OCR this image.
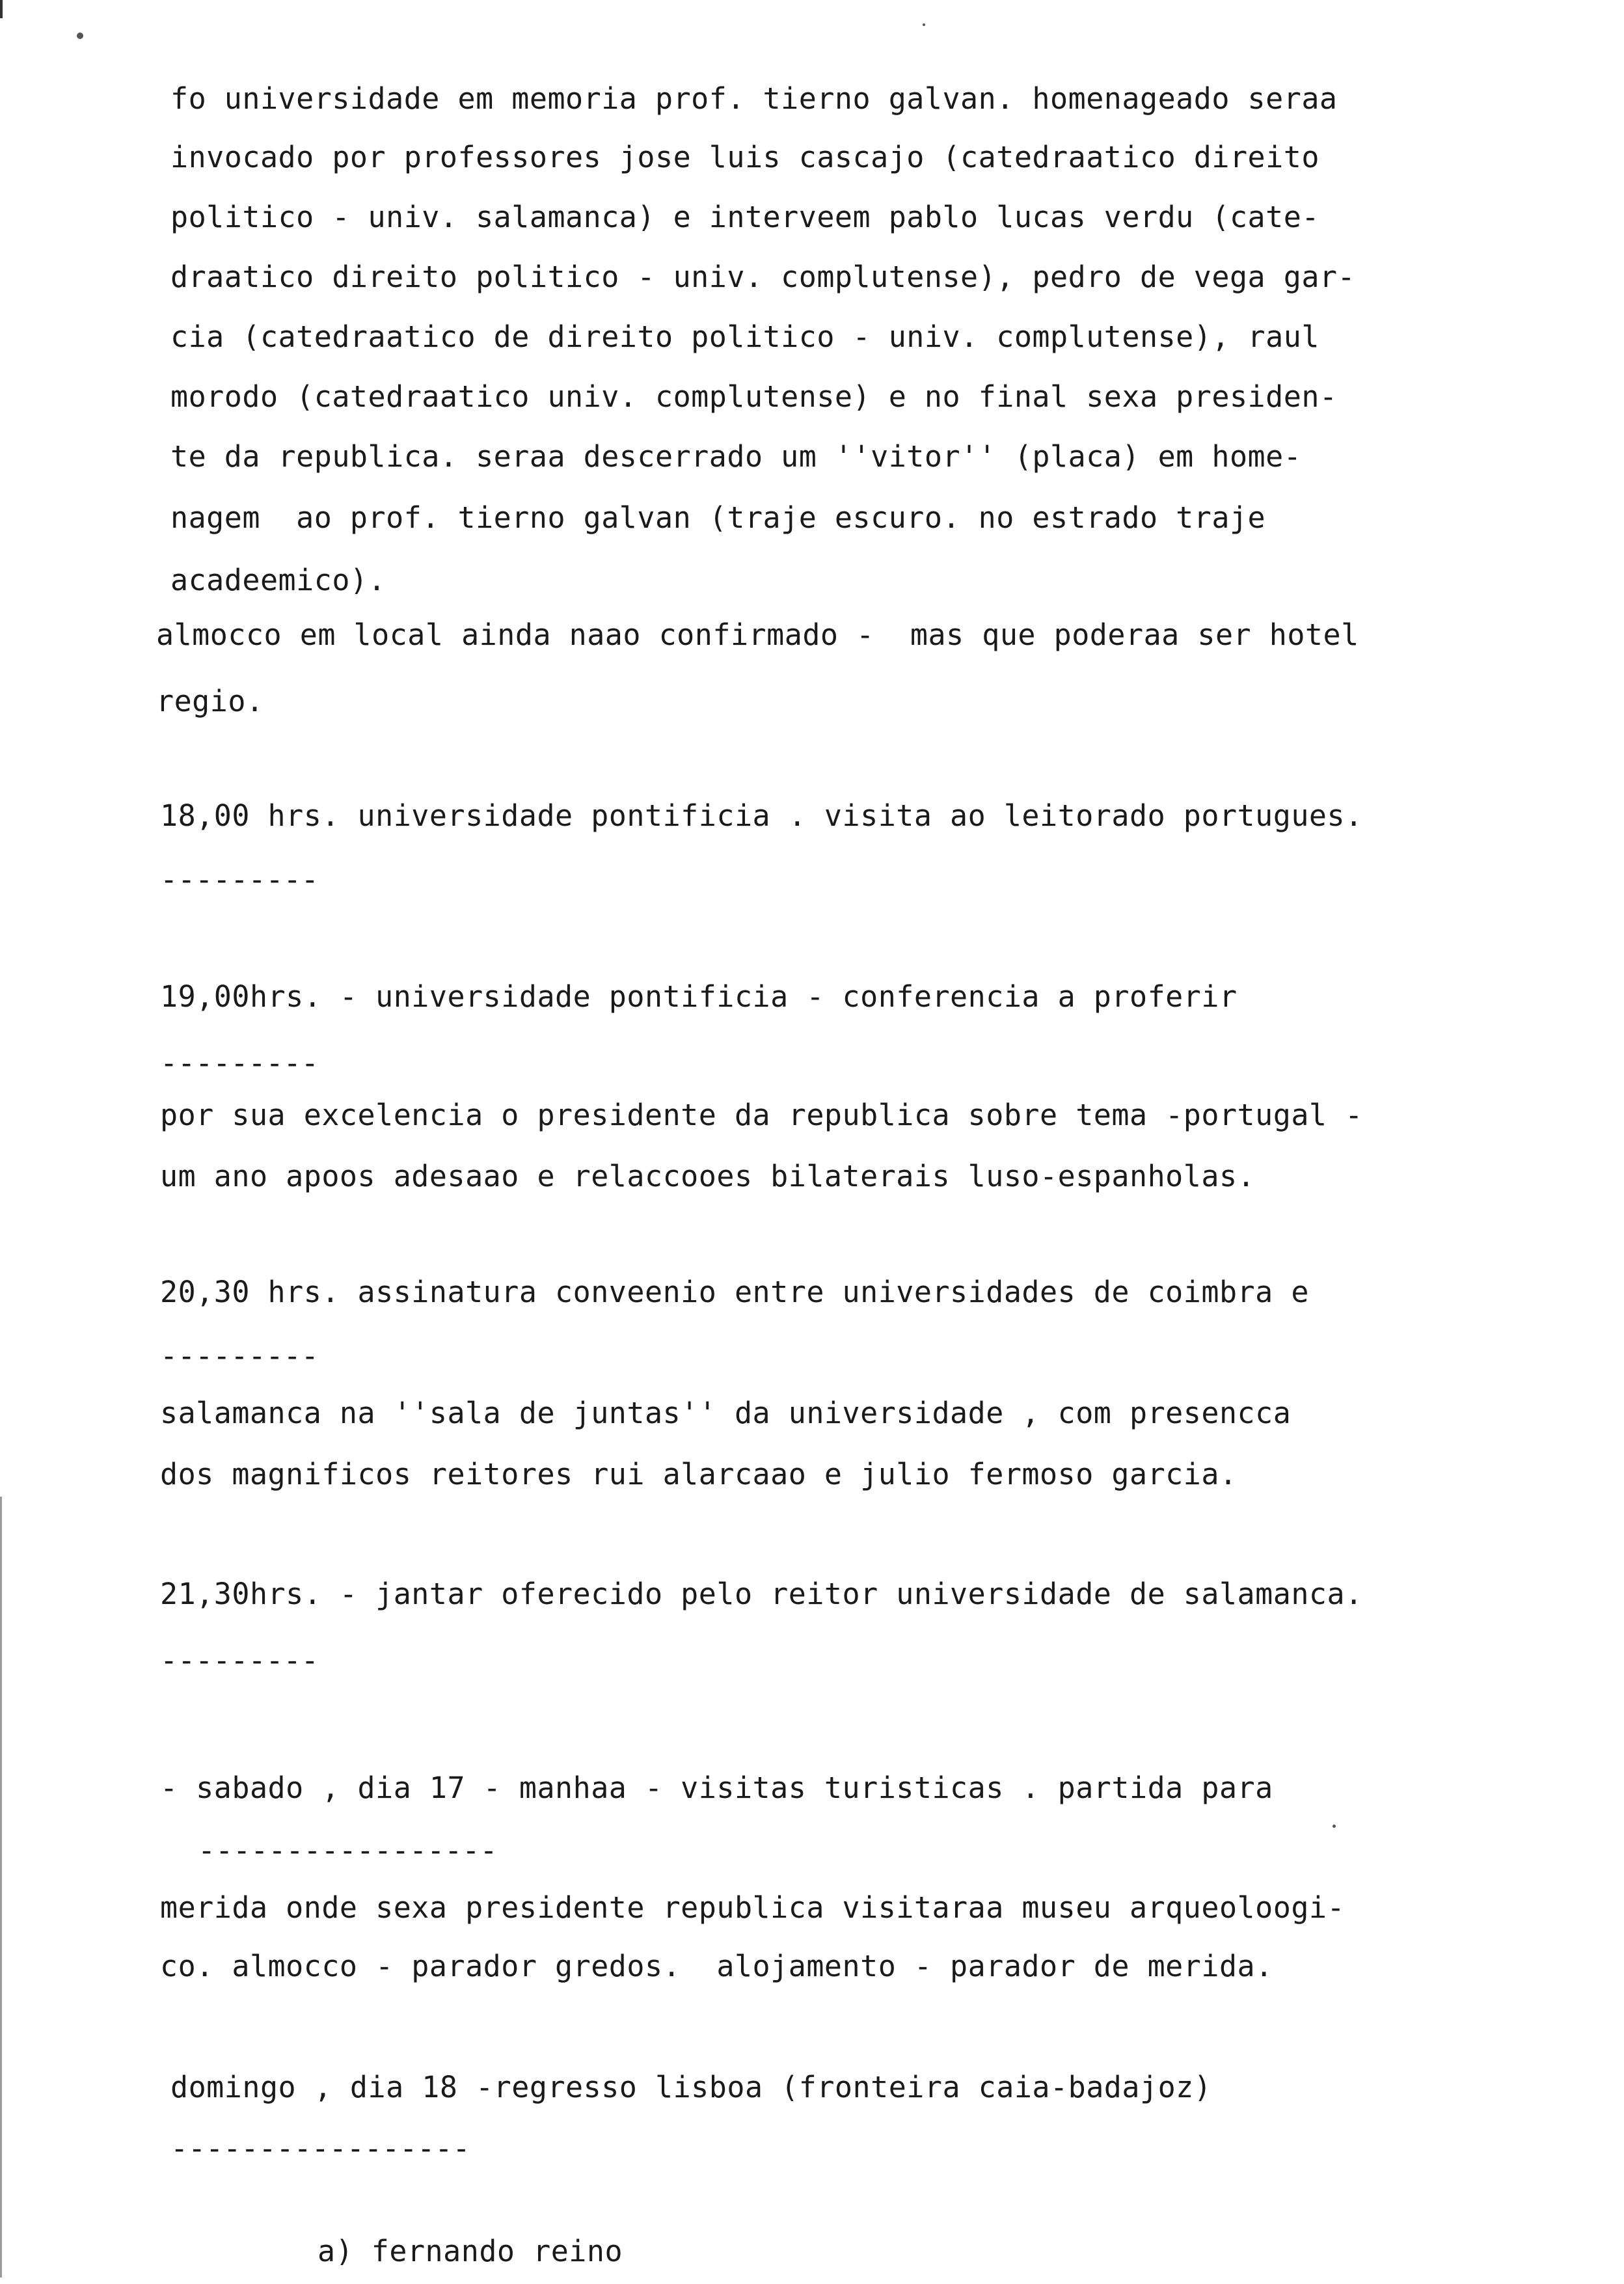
fo universidade em memoria prof. tierno galvan. homenageado seraa
invocado por professores jose luis cascajo (catedraatico direito
politico - univ. salamanca) e interveem pablo lucas verdu (cate-
draatico direito politico - univ. complutense), pedro de vega gar-
cia (catedraatico de direito politico - univ. complutense), raul
morodo (catedraatico univ. complutense) e no final sexa presiden-
te da republica. seraa descerrado um ''vitor'' (placa) em home-
nagem  ao prof. tierno galvan (traje escuro. no estrado traje
acadeemico).
almocco em local ainda naao confirmado -  mas que poderaa ser hotel
regio.
18,00 hrs. universidade pontificia . visita ao leitorado portugues.
---------
19,00hrs. - universidade pontificia - conferencia a proferir
---------
por sua excelencia o presidente da republica sobre tema -portugal -
um ano apoos adesaao e relaccooes bilaterais luso-espanholas.
20,30 hrs. assinatura conveenio entre universidades de coimbra e
---------
salamanca na ''sala de juntas'' da universidade , com presencca
dos magnificos reitores rui alarcaao e julio fermoso garcia.
21,30hrs. - jantar oferecido pelo reitor universidade de salamanca.
---------
- sabado , dia 17 - manhaa - visitas turisticas . partida para
-----------------
merida onde sexa presidente republica visitaraa museu arqueoloogi-
co. almocco - parador gredos.  alojamento - parador de merida.
domingo , dia 18 -regresso lisboa (fronteira caia-badajoz)
-----------------
a) fernando reino
